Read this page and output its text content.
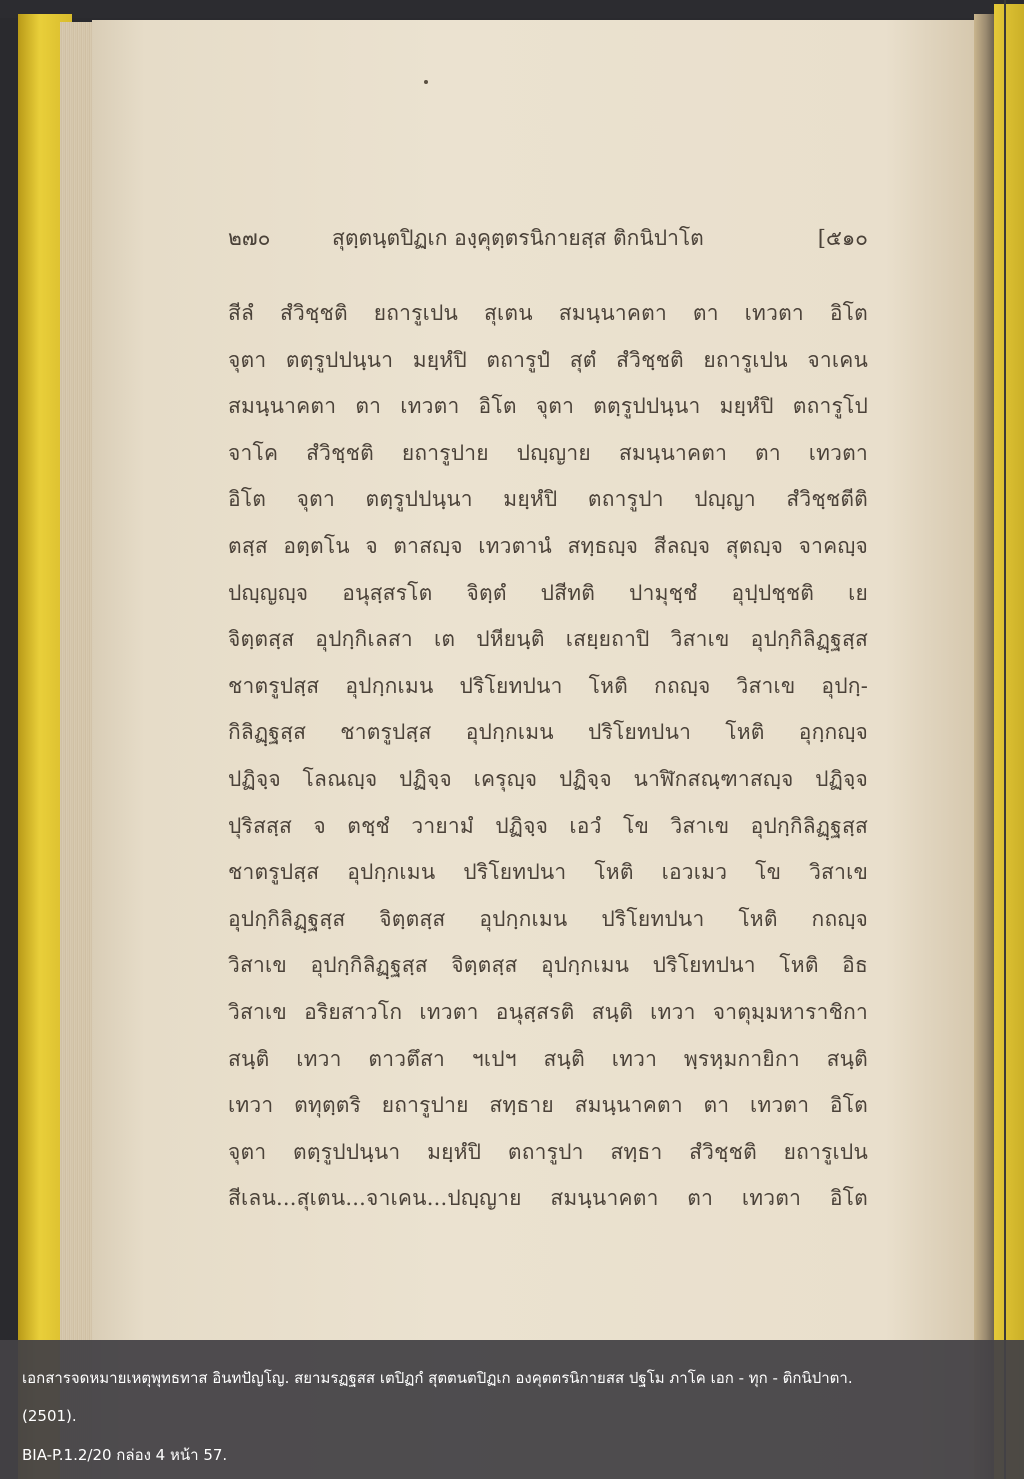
๒๗๐	สุตฺตนฺตปิฏเก องฺคุตฺตรนิกายสฺส ติกนิปาโต	[๕๑๐
สีลํ สํวิชฺชติ ยถารูเปน สุเตน สมนฺนาคตา ตา เทวตา อิโต
จุตา ตตฺรูปปนฺนา มยฺหํปิ ตถารูปํ สุตํ สํวิชฺชติ ยถารูเปน จาเคน
สมนฺนาคตา ตา เทวตา อิโต จุตา ตตฺรูปปนฺนา มยฺหํปิ ตถารูโป
จาโค สํวิชฺชติ ยถารูปาย ปญฺญาย สมนฺนาคตา ตา เทวตา
อิโต จุตา ตตฺรูปปนฺนา มยฺหํปิ ตถารูปา ปญฺญา สํวิชฺชตีติ
ตสฺส อตฺตโน จ ตาสญฺจ เทวตานํ สทฺธญฺจ สีลญฺจ สุตญฺจ จาคญฺจ
ปญฺญญฺจ อนุสฺสรโต จิตฺตํ ปสีทติ ปามุชฺชํ อุปฺปชฺชติ เย
จิตฺตสฺส อุปกฺกิเลสา เต ปหียนฺติ เสยฺยถาปิ วิสาเข อุปกฺกิลิฏฺฐสฺส
ชาตรูปสฺส อุปกฺกเมน ปริโยทปนา โหติ กถญฺจ วิสาเข อุปกฺ-
กิลิฏฺฐสฺส ชาตรูปสฺส อุปกฺกเมน ปริโยทปนา โหติ อุกฺกญฺจ
ปฏิจฺจ โลณญฺจ ปฏิจฺจ เครุญฺจ ปฏิจฺจ นาฬิกสณฺฑาสญฺจ ปฏิจฺจ
ปุริสสฺส จ ตชฺชํ วายามํ ปฏิจฺจ เอวํ โข วิสาเข อุปกฺกิลิฏฺฐสฺส
ชาตรูปสฺส อุปกฺกเมน ปริโยทปนา โหติ เอวเมว โข วิสาเข
อุปกฺกิลิฏฺฐสฺส จิตฺตสฺส อุปกฺกเมน ปริโยทปนา โหติ กถญฺจ
วิสาเข อุปกฺกิลิฏฺฐสฺส จิตฺตสฺส อุปกฺกเมน ปริโยทปนา โหติ อิธ
วิสาเข อริยสาวโก เทวตา อนุสฺสรติ สนฺติ เทวา จาตุมฺมหาราชิกา
สนฺติ เทวา ตาวตึสา ฯเปฯ สนฺติ เทวา พฺรหฺมกายิกา สนฺติ
เทวา ตทุตฺตริ ยถารูปาย สทฺธาย สมนฺนาคตา ตา เทวตา อิโต
จุตา ตตฺรูปปนฺนา มยฺหํปิ ตถารูปา สทฺธา สํวิชฺชติ ยถารูเปน
สีเลน...สุเตน...จาเคน...ปญฺญาย สมนฺนาคตา ตา เทวตา อิโต
เอกสารจดหมายเหตุพุทธทาส อินทปัญโญ. สยามรฏฐสส เตปิฏกํ สุตตนตปิฏเก องคุตตรนิกายสส ปฐโม ภาโค เอก - ทุก - ติกนิปาตา.
(2501).
BIA-P.1.2/20 กล่อง 4 หน้า 57.
